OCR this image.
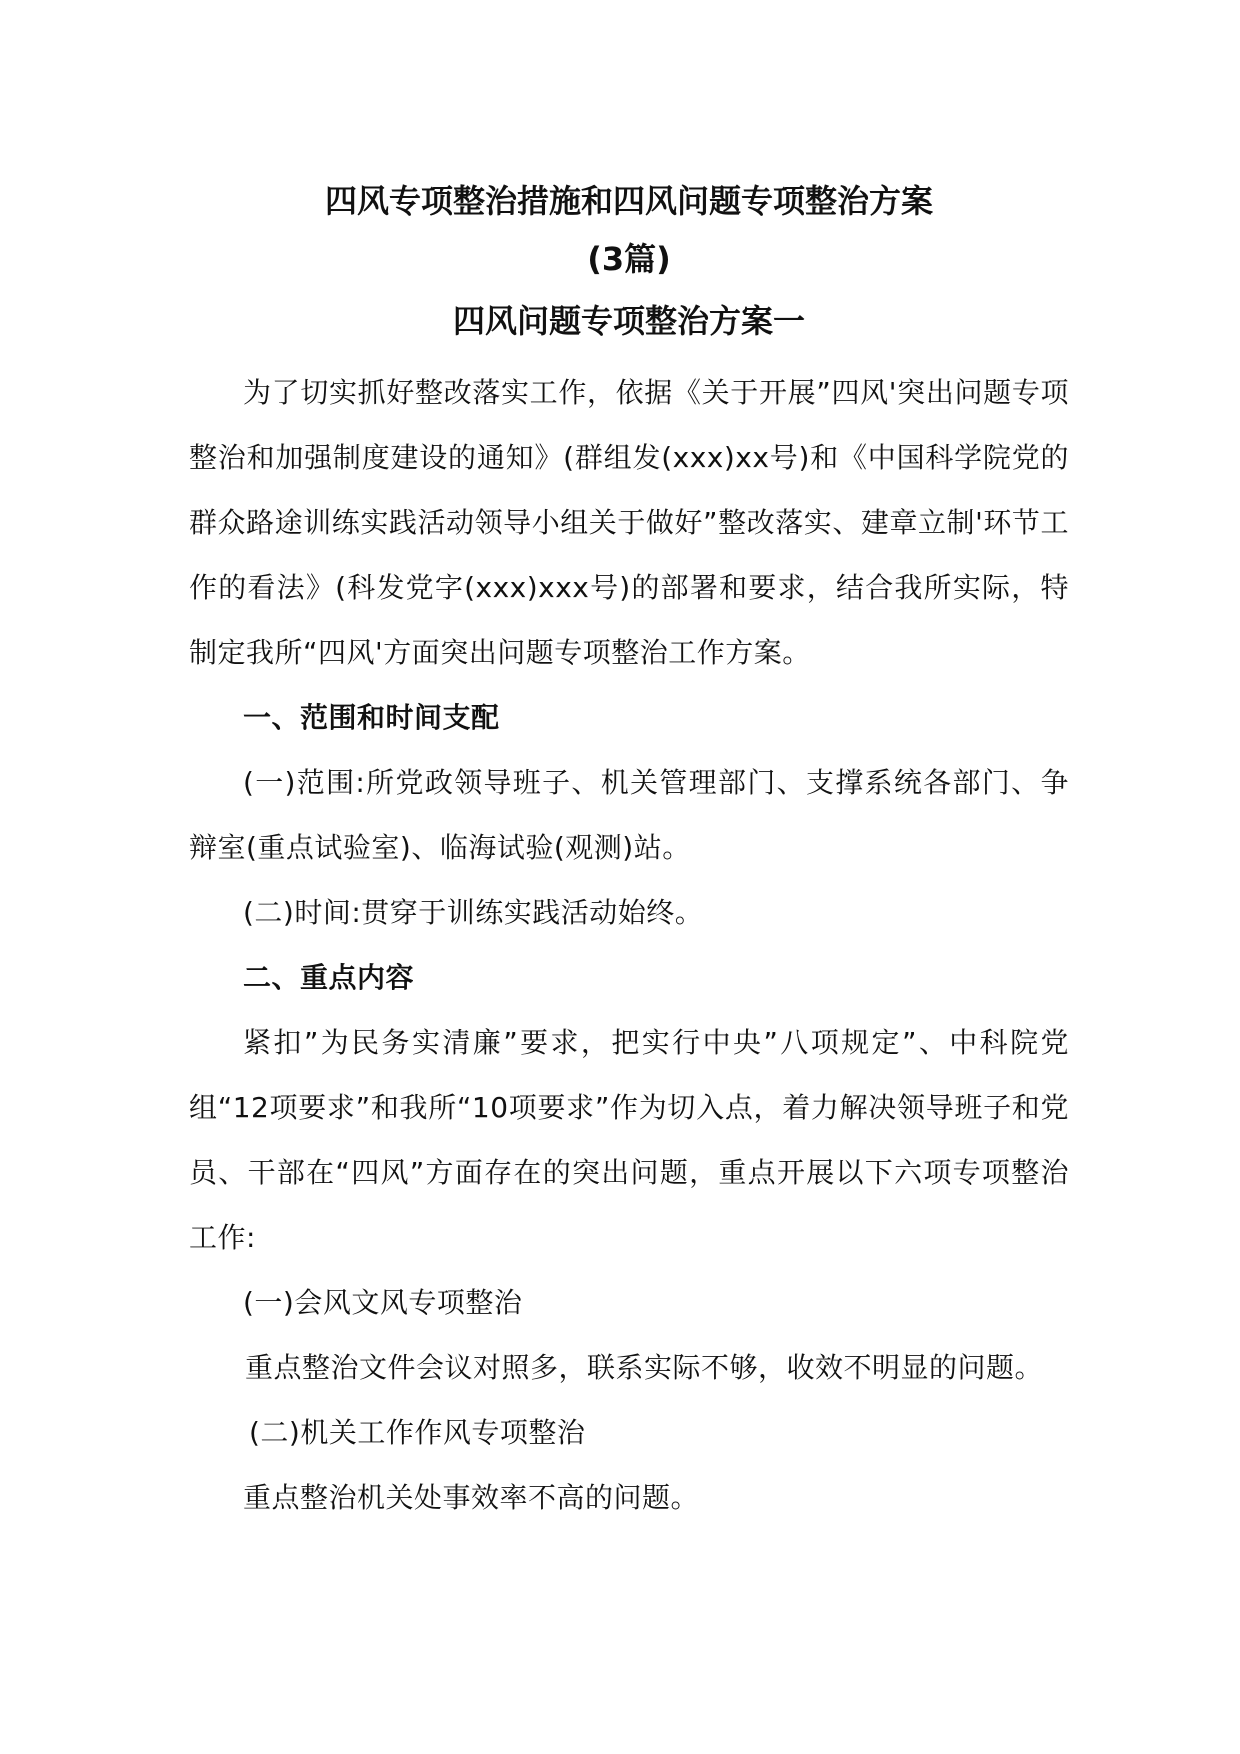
四风专项整治措施和四风问题专项整治方案
(3篇)
四风问题专项整治方案一

为了切实抓好整改落实工作，依据《关于开展”四风'突出问题专项整治和加强制度建设的通知》(群组发(xxx)xx号)和《中国科学院党的群众路途训练实践活动领导小组关于做好”整改落实、建章立制'环节工作的看法》(科发党字(xxx)xxx号)的部署和要求，结合我所实际，特制定我所“四风'方面突出问题专项整治工作方案。

一、范围和时间支配

(一)范围:所党政领导班子、机关管理部门、支撑系统各部门、争辩室(重点试验室)、临海试验(观测)站。

(二)时间:贯穿于训练实践活动始终。

二、重点内容

紧扣”为民务实清廉”要求，把实行中央”八项规定”、中科院党组“12项要求”和我所“10项要求”作为切入点，着力解决领导班子和党员、干部在“四风”方面存在的突出问题，重点开展以下六项专项整治工作:

(一)会风文风专项整治

重点整治文件会议对照多，联系实际不够，收效不明显的问题。

(二)机关工作作风专项整治

重点整治机关处事效率不高的问题。
